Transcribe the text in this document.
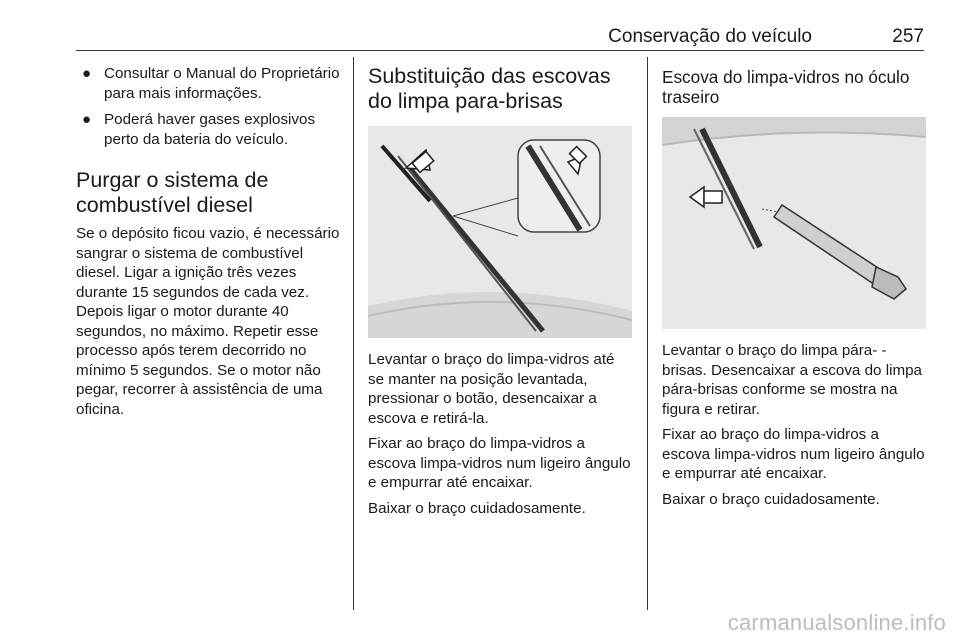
Conservação do veículo	257
● Consultar o Manual do Proprietário para mais informações.
● Poderá haver gases explosivos perto da bateria do veículo.
Purgar o sistema de combustível diesel

Se o depósito ficou vazio, é necessário sangrar o sistema de combustível diesel. Ligar a ignição três vezes durante 15 segundos de cada vez. Depois ligar o motor durante 40 segundos, no máximo. Repetir esse processo após terem decorrido no mínimo 5 segundos. Se o motor não pegar, recorrer à assistência de uma oficina.

Substituição das escovas do limpa para-brisas

Levantar o braço do limpa-vidros até se manter na posição levantada, pressionar o botão, desencaixar a escova e retirá-la.

Fixar ao braço do limpa-vidros a escova limpa-vidros num ligeiro ângulo e empurrar até encaixar.

Baixar o braço cuidadosamente.

Escova do limpa-vidros no óculo traseiro

Levantar o braço do limpa pára- -brisas. Desencaixar a escova do limpa pára-brisas conforme se mostra na figura e retirar.

Fixar ao braço do limpa-vidros a escova limpa-vidros num ligeiro ângulo e empurrar até encaixar.

Baixar o braço cuidadosamente.

carmanualsonline.info
